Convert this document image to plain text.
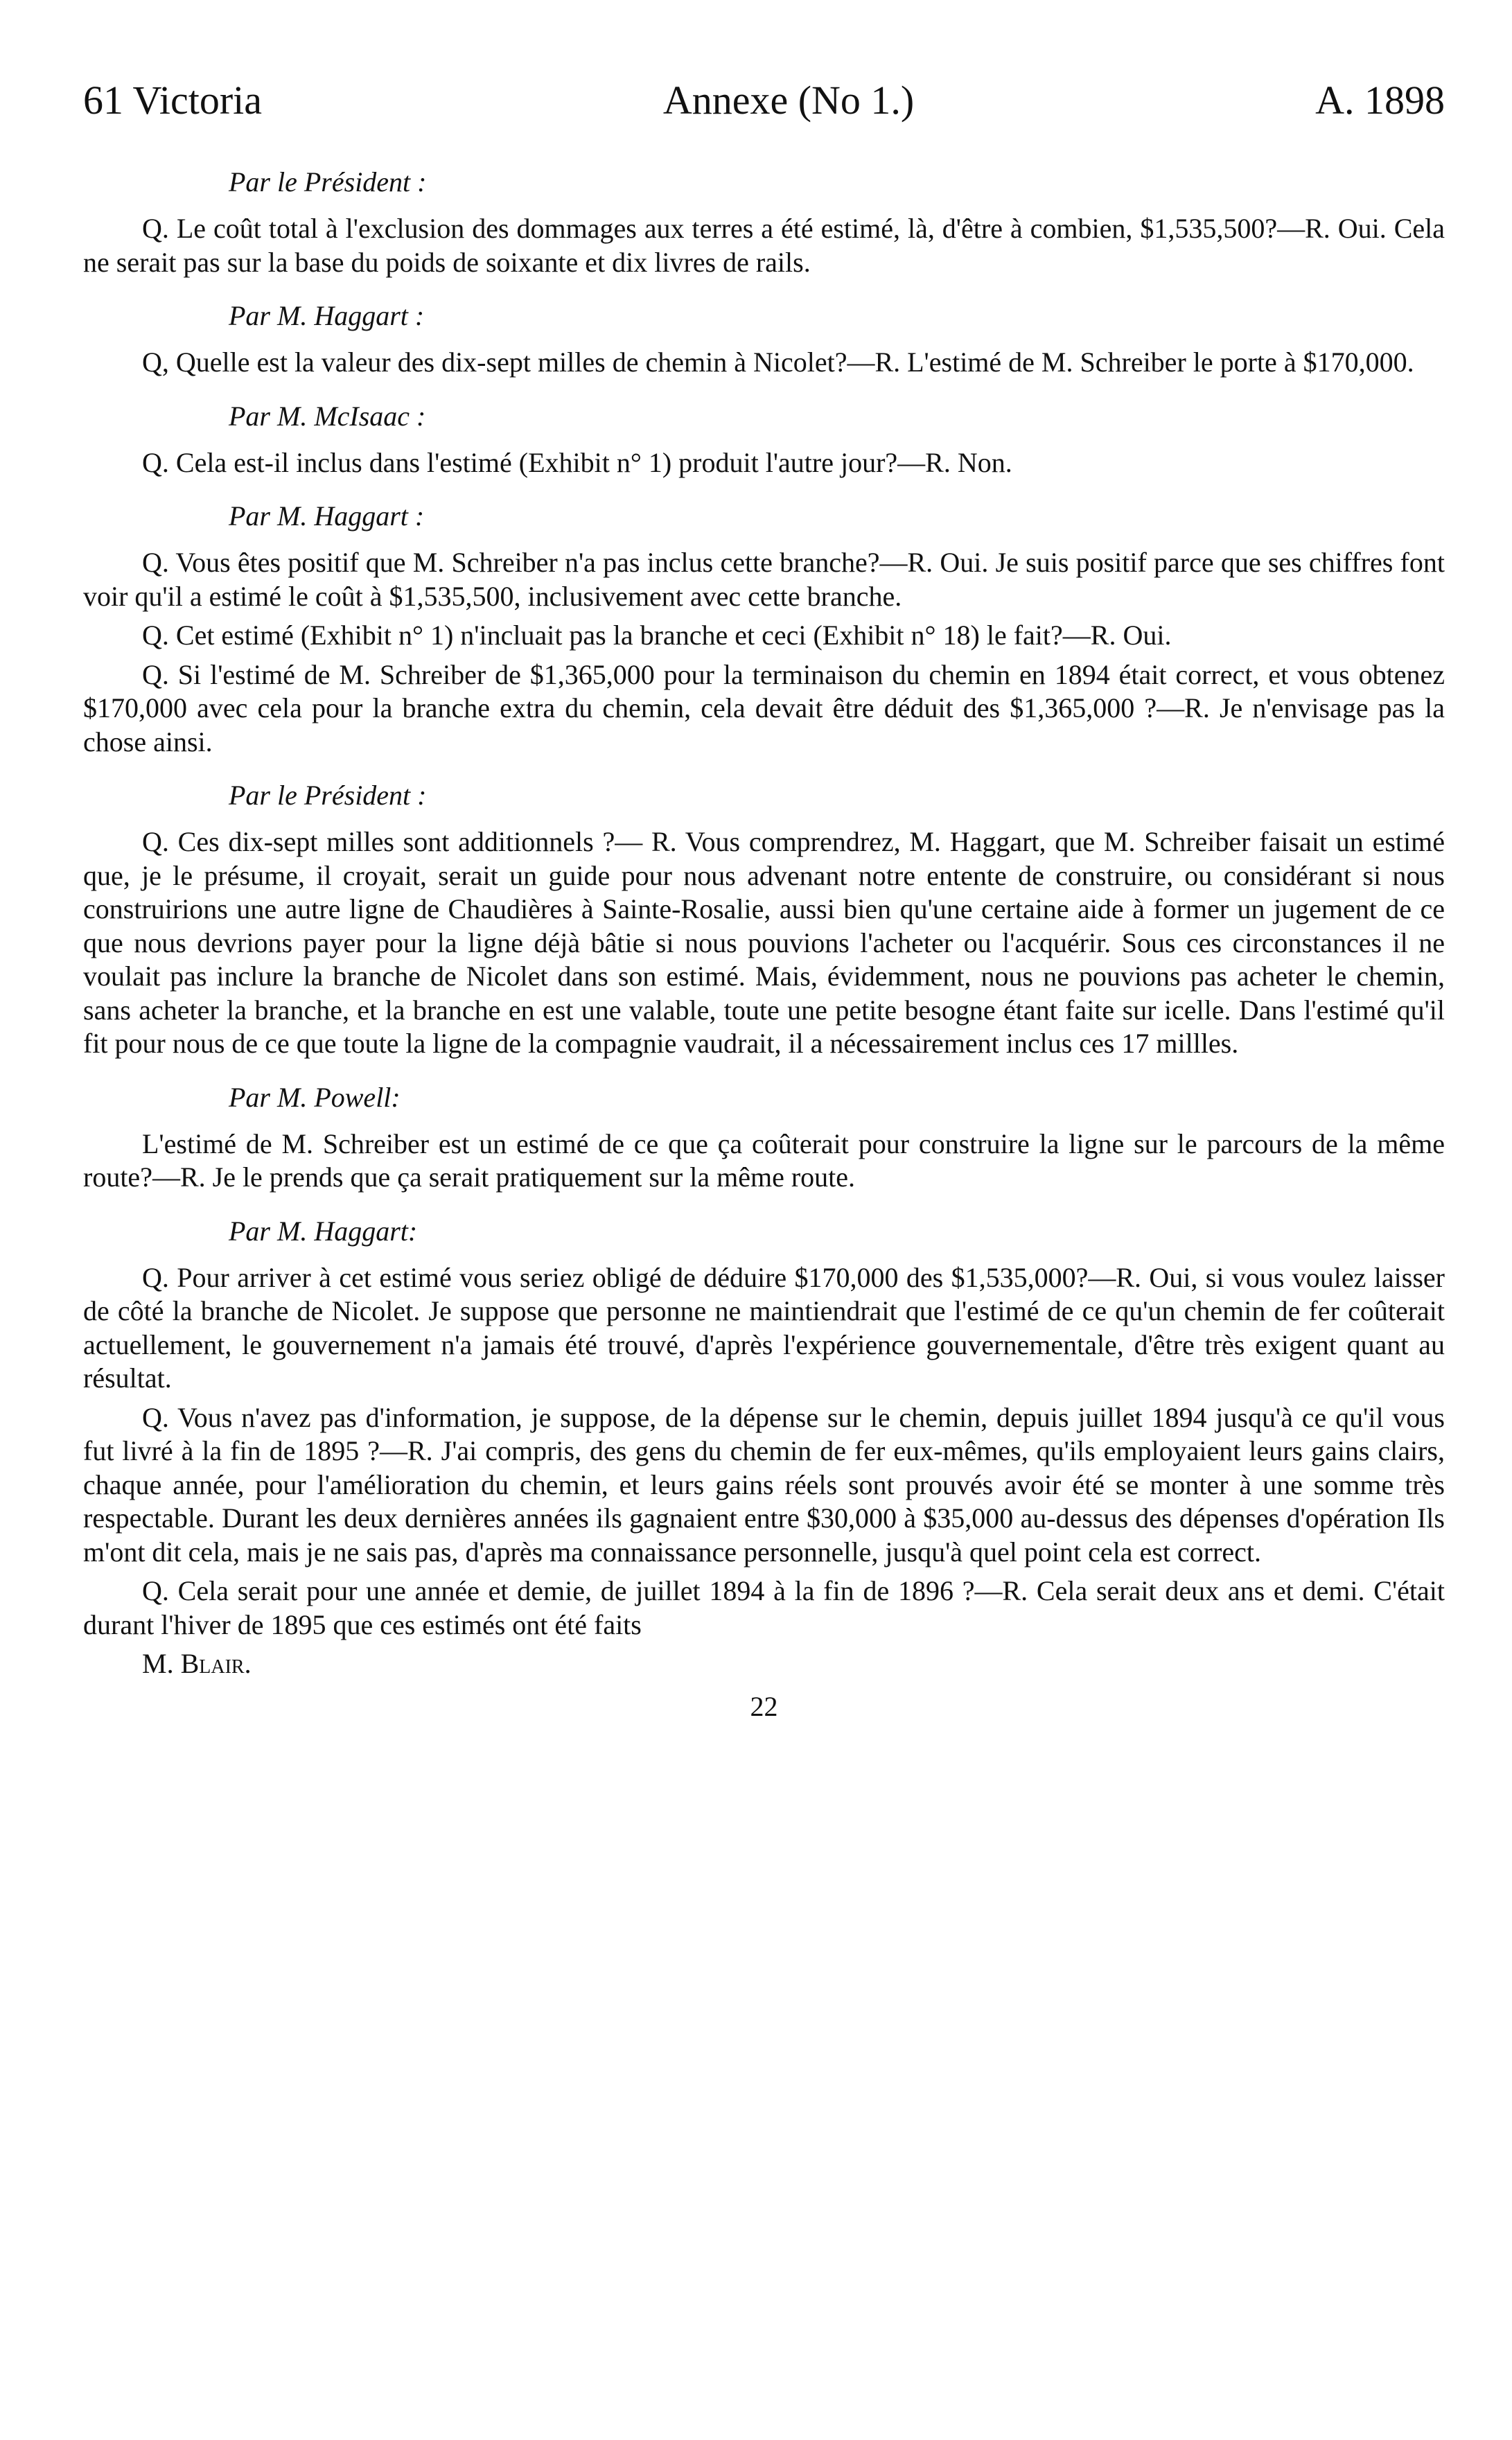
61 Victoria	Annexe (No 1.)	A. 1898
Par le Président :

Q. Le coût total à l'exclusion des dommages aux terres a été estimé, là, d'être à combien, $1,535,500?—R. Oui. Cela ne serait pas sur la base du poids de soixante et dix livres de rails.

Par M. Haggart :

Q, Quelle est la valeur des dix-sept milles de chemin à Nicolet?—R. L'estimé de M. Schreiber le porte à $170,000.

Par M. McIsaac :

Q. Cela est-il inclus dans l'estimé (Exhibit n° 1) produit l'autre jour?—R. Non.

Par M. Haggart :

Q. Vous êtes positif que M. Schreiber n'a pas inclus cette branche?—R. Oui. Je suis positif parce que ses chiffres font voir qu'il a estimé le coût à $1,535,500, inclusivement avec cette branche.

Q. Cet estimé (Exhibit n° 1) n'incluait pas la branche et ceci (Exhibit n° 18) le fait?—R. Oui.

Q. Si l'estimé de M. Schreiber de $1,365,000 pour la terminaison du chemin en 1894 était correct, et vous obtenez $170,000 avec cela pour la branche extra du chemin, cela devait être déduit des $1,365,000 ?—R. Je n'envisage pas la chose ainsi.

Par le Président :

Q. Ces dix-sept milles sont additionnels ?— R. Vous comprendrez, M. Haggart, que M. Schreiber faisait un estimé que, je le présume, il croyait, serait un guide pour nous advenant notre entente de construire, ou considérant si nous construirions une autre ligne de Chaudières à Sainte-Rosalie, aussi bien qu'une certaine aide à former un jugement de ce que nous devrions payer pour la ligne déjà bâtie si nous pouvions l'acheter ou l'acquérir. Sous ces circonstances il ne voulait pas inclure la branche de Nicolet dans son estimé. Mais, évidemment, nous ne pouvions pas acheter le chemin, sans acheter la branche, et la branche en est une valable, toute une petite besogne étant faite sur icelle. Dans l'estimé qu'il fit pour nous de ce que toute la ligne de la compagnie vaudrait, il a nécessairement inclus ces 17 millles.

Par M. Powell:

L'estimé de M. Schreiber est un estimé de ce que ça coûterait pour construire la ligne sur le parcours de la même route?—R. Je le prends que ça serait pratiquement sur la même route.

Par M. Haggart:

Q. Pour arriver à cet estimé vous seriez obligé de déduire $170,000 des $1,535,000?—R. Oui, si vous voulez laisser de côté la branche de Nicolet. Je suppose que personne ne maintiendrait que l'estimé de ce qu'un chemin de fer coûterait actuellement, le gouvernement n'a jamais été trouvé, d'après l'expérience gouvernementale, d'être très exigent quant au résultat.

Q. Vous n'avez pas d'information, je suppose, de la dépense sur le chemin, depuis juillet 1894 jusqu'à ce qu'il vous fut livré à la fin de 1895 ?—R. J'ai compris, des gens du chemin de fer eux-mêmes, qu'ils employaient leurs gains clairs, chaque année, pour l'amélioration du chemin, et leurs gains réels sont prouvés avoir été se monter à une somme très respectable. Durant les deux dernières années ils gagnaient entre $30,000 à $35,000 au-dessus des dépenses d'opération Ils m'ont dit cela, mais je ne sais pas, d'après ma connaissance personnelle, jusqu'à quel point cela est correct.

Q. Cela serait pour une année et demie, de juillet 1894 à la fin de 1896 ?—R. Cela serait deux ans et demi. C'était durant l'hiver de 1895 que ces estimés ont été faits

M. Blair.
22
